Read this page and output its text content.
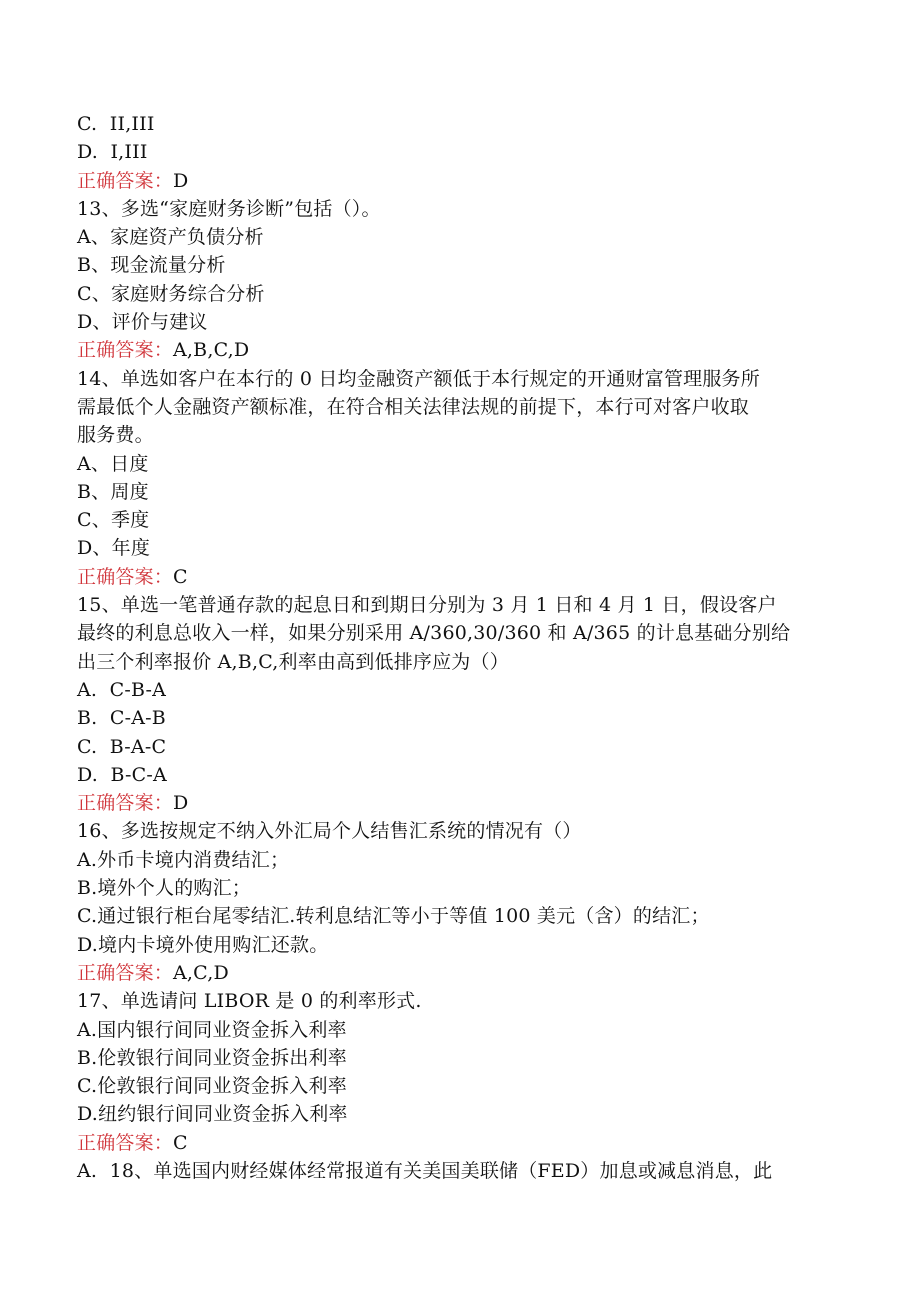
C.  II,III
D.  I,III
正确答案：D
13、多选“家庭财务诊断”包括（）。
A、家庭资产负债分析
B、现金流量分析
C、家庭财务综合分析
D、评价与建议
正确答案：A,B,C,D
14、单选如客户在本行的 0 日均金融资产额低于本行规定的开通财富管理服务所
需最低个人金融资产额标准，在符合相关法律法规的前提下，本行可对客户收取
服务费。
A、日度
B、周度
C、季度
D、年度
正确答案：C
15、单选一笔普通存款的起息日和到期日分别为 3 月 1 日和 4 月 1 日，假设客户
最终的利息总收入一样，如果分别采用 A/360,30/360 和 A/365 的计息基础分别给
出三个利率报价 A,B,C,利率由高到低排序应为（）
A.  C-B-A
B.  C-A-B
C.  B-A-C
D.  B-C-A
正确答案：D
16、多选按规定不纳入外汇局个人结售汇系统的情况有（）
A.外币卡境内消费结汇；
B.境外个人的购汇；
C.通过银行柜台尾零结汇.转利息结汇等小于等值 100 美元（含）的结汇；
D.境内卡境外使用购汇还款。
正确答案：A,C,D
17、单选请问 LIBOR 是 0 的利率形式.
A.国内银行间同业资金拆入利率
B.伦敦银行间同业资金拆出利率
C.伦敦银行间同业资金拆入利率
D.纽约银行间同业资金拆入利率
正确答案：C
A.  18、单选国内财经媒体经常报道有关美国美联储（FED）加息或减息消息，此
